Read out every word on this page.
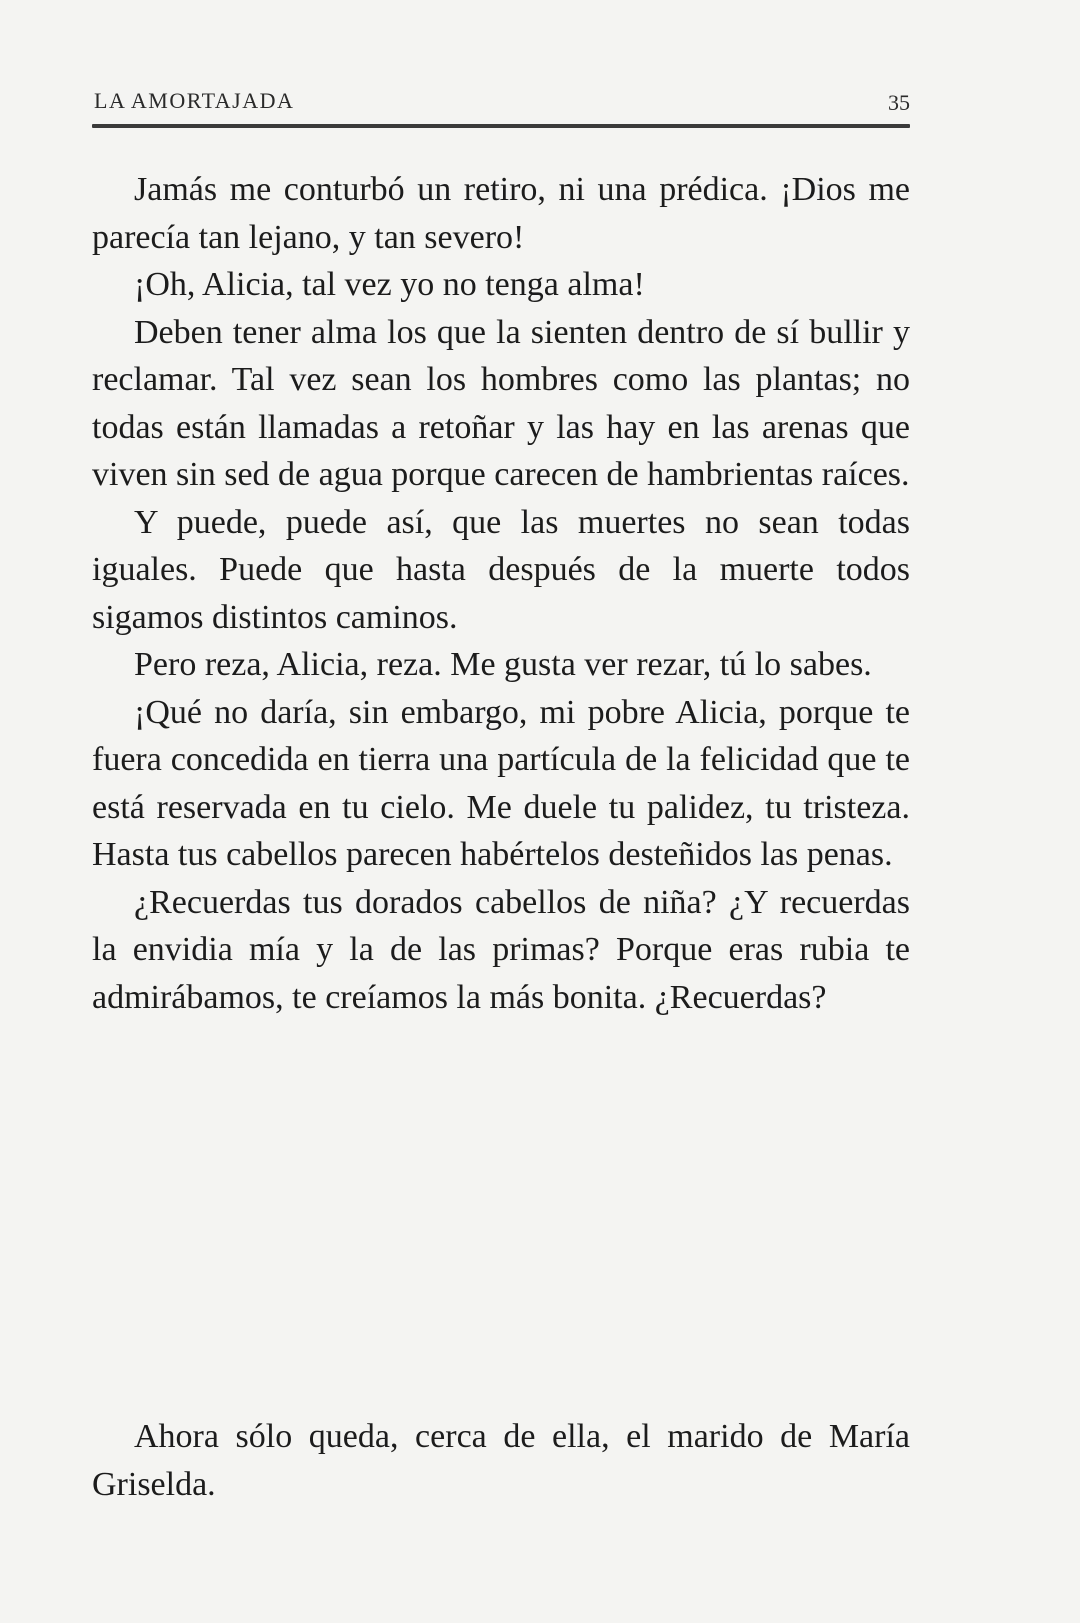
LA AMORTAJADA	35

Jamás me conturbó un retiro, ni una prédica. ¡Dios me parecía tan lejano, y tan severo!

¡Oh, Alicia, tal vez yo no tenga alma!

Deben tener alma los que la sienten dentro de sí bullir y reclamar. Tal vez sean los hombres como las plantas; no todas están llamadas a retoñar y las hay en las arenas que viven sin sed de agua porque carecen de hambrientas raíces.

Y puede, puede así, que las muertes no sean todas iguales. Puede que hasta después de la muerte todos sigamos distintos caminos.

Pero reza, Alicia, reza. Me gusta ver rezar, tú lo sabes.

¡Qué no daría, sin embargo, mi pobre Alicia, porque te fuera concedida en tierra una partícula de la felicidad que te está reservada en tu cielo. Me duele tu palidez, tu tristeza. Hasta tus cabellos parecen habértelos desteñidos las penas.

¿Recuerdas tus dorados cabellos de niña? ¿Y recuerdas la envidia mía y la de las primas? Porque eras rubia te admirábamos, te creíamos la más bonita. ¿Recuerdas?

Ahora sólo queda, cerca de ella, el marido de María Griselda.
